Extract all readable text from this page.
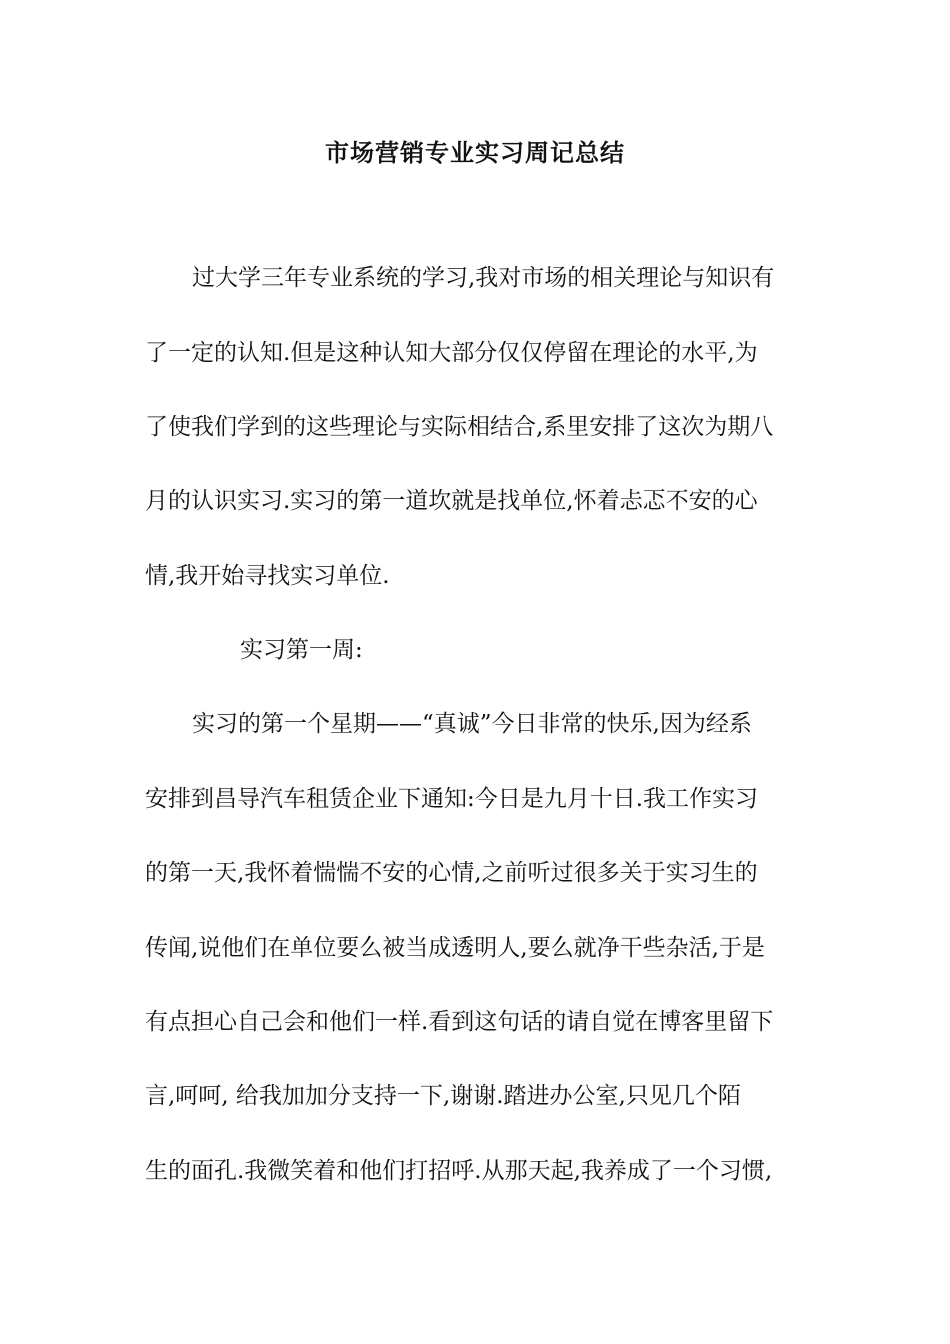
市场营销专业实习周记总结
过大学三年专业系统的学习,我对市场的相关理论与知识有
了一定的认知.但是这种认知大部分仅仅停留在理论的水平,为
了使我们学到的这些理论与实际相结合,系里安排了这次为期八
月的认识实习.实习的第一道坎就是找单位,怀着忐忑不安的心
情,我开始寻找实习单位.
实习第一周:
实习的第一个星期——“真诚”今日非常的快乐,因为经系
安排到昌导汽车租赁企业下通知:今日是九月十日.我工作实习
的第一天,我怀着惴惴不安的心情,之前听过很多关于实习生的
传闻,说他们在单位要么被当成透明人,要么就净干些杂活,于是
有点担心自己会和他们一样.看到这句话的请自觉在博客里留下
言,呵呵, 给我加加分支持一下,谢谢.踏进办公室,只见几个陌
生的面孔.我微笑着和他们打招呼.从那天起,我养成了一个习惯,
